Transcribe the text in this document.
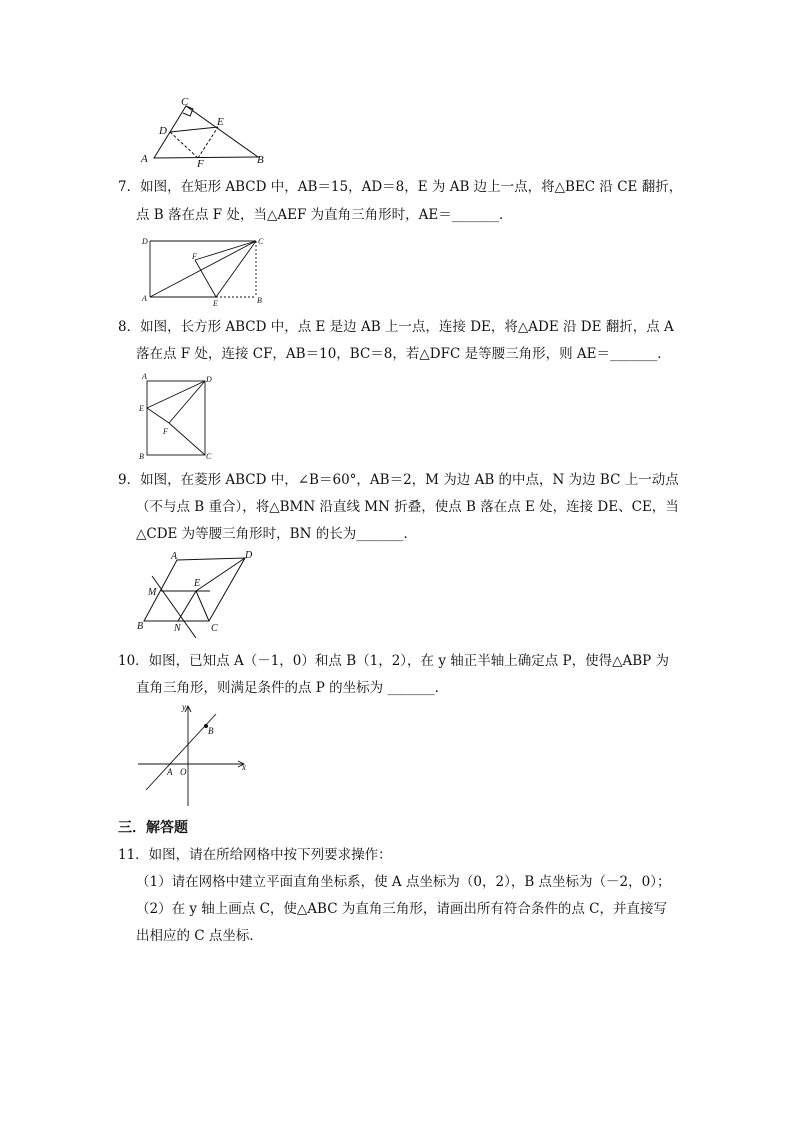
C
D
E
A	F	B
7．如图，在矩形 ABCD 中，AB＝15，AD＝8，E 为 AB 边上一点，将△BEC 沿 CE 翻折，
点 B 落在点 F 处，当△AEF 为直角三角形时，AE＝_______．
D	C
F
A
E	B
8．如图，长方形 ABCD 中，点 E 是边 AB 上一点，连接 DE，将△ADE 沿 DE 翻折，点 A
落在点 F 处，连接 CF，AB＝10，BC＝8，若△DFC 是等腰三角形，则 AE＝_______．
A	D
E
F
B	C
9．如图，在菱形 ABCD 中，∠B＝60°，AB＝2，M 为边 AB 的中点，N 为边 BC 上一动点
（不与点 B 重合），将△BMN 沿直线 MN 折叠，使点 B 落在点 E 处，连接 DE、CE，当
△CDE 为等腰三角形时，BN 的长为_______．
A	D
E
M
B	N	C
10．如图，已知点 A（－1，0）和点 B（1，2），在 y 轴正半轴上确定点 P，使得△ABP 为
直角三角形，则满足条件的点 P 的坐标为 _______．
y
B
A O	x
三．解答题
11．如图，请在所给网格中按下列要求操作：
（1）请在网格中建立平面直角坐标系，使 A 点坐标为（0，2），B 点坐标为（－2，0）；
（2）在 y 轴上画点 C，使△ABC 为直角三角形，请画出所有符合条件的点 C，并直接写
出相应的 C 点坐标．
